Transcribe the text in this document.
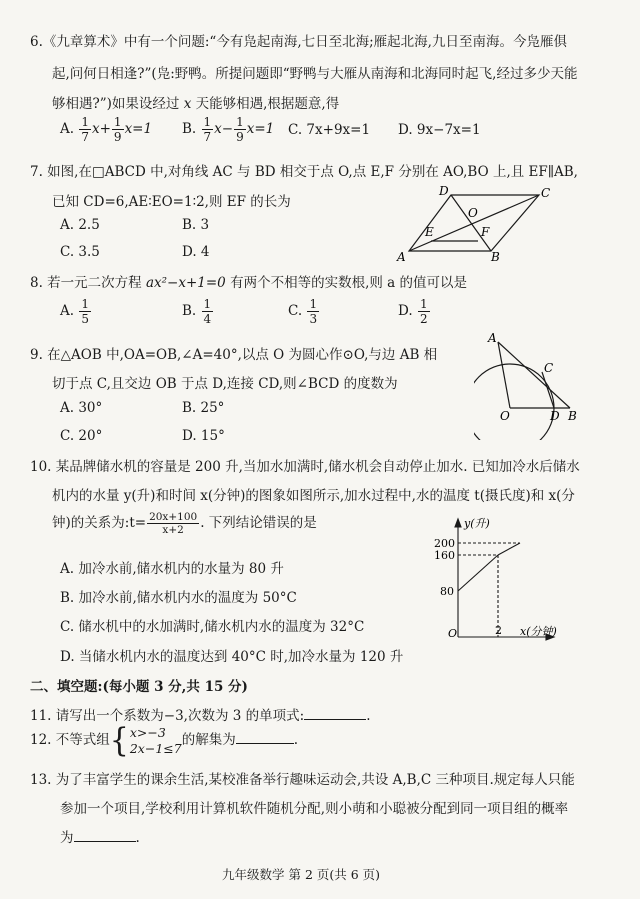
6.《九章算术》中有一个问题:“今有凫起南海,七日至北海;雁起北海,九日至南海。今凫雁俱
起,问何日相逢?”(凫:野鸭。所提问题即“野鸭与大雁从南海和北海同时起飞,经过多少天能
够相遇?”)如果设经过 x 天能够相遇,根据题意,得
A. $\frac{1}{7} x+ \frac{1}{9} x=1$ B. $\frac{1}{7} x- \frac{1}{9} x=1$ C. 7x+9x=1 D. 9x−7x=1
7. 如图,在□ABCD 中,对角线 AC 与 BD 相交于点 O,点 E,F 分别在 AO,BO 上,且 EF∥AB,
已知 CD=6,AE∶EO=1∶2,则 EF 的长为
A. 2.5	B. 3
C. 3.5	D. 4	A	B
C
D
O
E	F
8. 若一元二次方程 ax²−x+1=0 有两个不相等的实数根,则 a 的值可以是
A. $\frac{1}{5}$	B. $\frac{1}{4}$	C. $\frac{1}{3}$	D. $\frac{1}{2}$
9. 在△AOB 中,OA=OB,∠A=40°,以点 O 为圆心作⊙O,与边 AB 相
切于点 C,且交边 OB 于点 D,连接 CD,则∠BCD 的度数为
A. 30°	B. 25°
C. 20°	D. 15°
A
C
O	D B
10. 某品牌储水机的容量是 200 升,当加水加满时,储水机会自动停止加水. 已知加冷水后储水
机内的水量 y(升)和时间 x(分钟)的图象如图所示,加水过程中,水的温度 t(摄氏度)和 x(分
钟)的关系为:t= $\frac{20x+100}{x+2}$ . 下列结论错误的是
A. 加冷水前,储水机内的水量为 80 升
B. 加冷水前,储水机内水的温度为 50°C
C. 储水机中的水加满时,储水机内水的温度为 32°C
D. 当储水机内水的温度达到 40°C 时,加冷水量为 120 升
y(升)
x(分钟)
O
200
160
80
2
二、填空题:(每小题 3 分,共 15 分)
11. 请写出一个系数为−3,次数为 3 的单项式:	.
12. 不等式组 { x>−3
2x−1≤7 的解集为	.
13. 为了丰富学生的课余生活,某校准备举行趣味运动会,共设 A,B,C 三种项目.规定每人只能
参加一个项目,学校利用计算机软件随机分配,则小萌和小聪被分配到同一项目组的概率
为	.
九年级数学 第 2 页(共 6 页)
